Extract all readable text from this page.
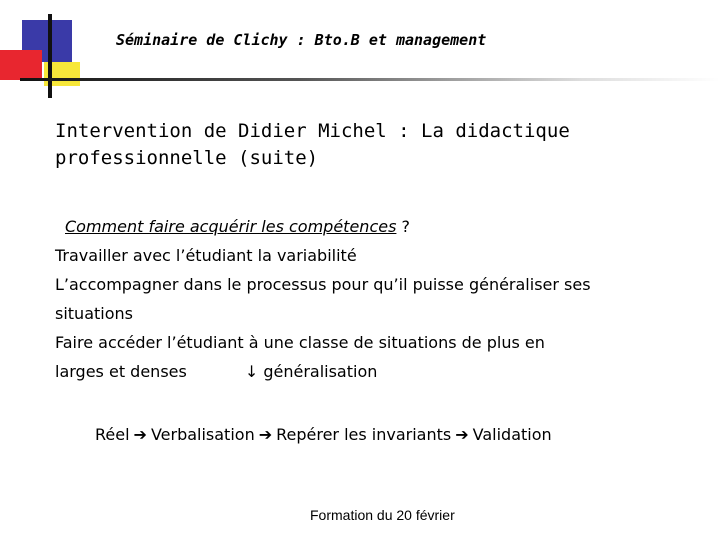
Séminaire de Clichy : Bto.B et management
Intervention de Didier Michel : La didactique professionnelle (suite)
Comment faire acquérir les compétences ?
Travailler avec l’étudiant la variabilité
L’accompagner dans le processus pour qu’il puisse généraliser ses
situations
Faire accéder l’étudiant à une classe de situations de plus en
larges et denses	↓ généralisation
Réel ➔ Verbalisation ➔ Repérer les invariants ➔ Validation
Formation du 20 février
